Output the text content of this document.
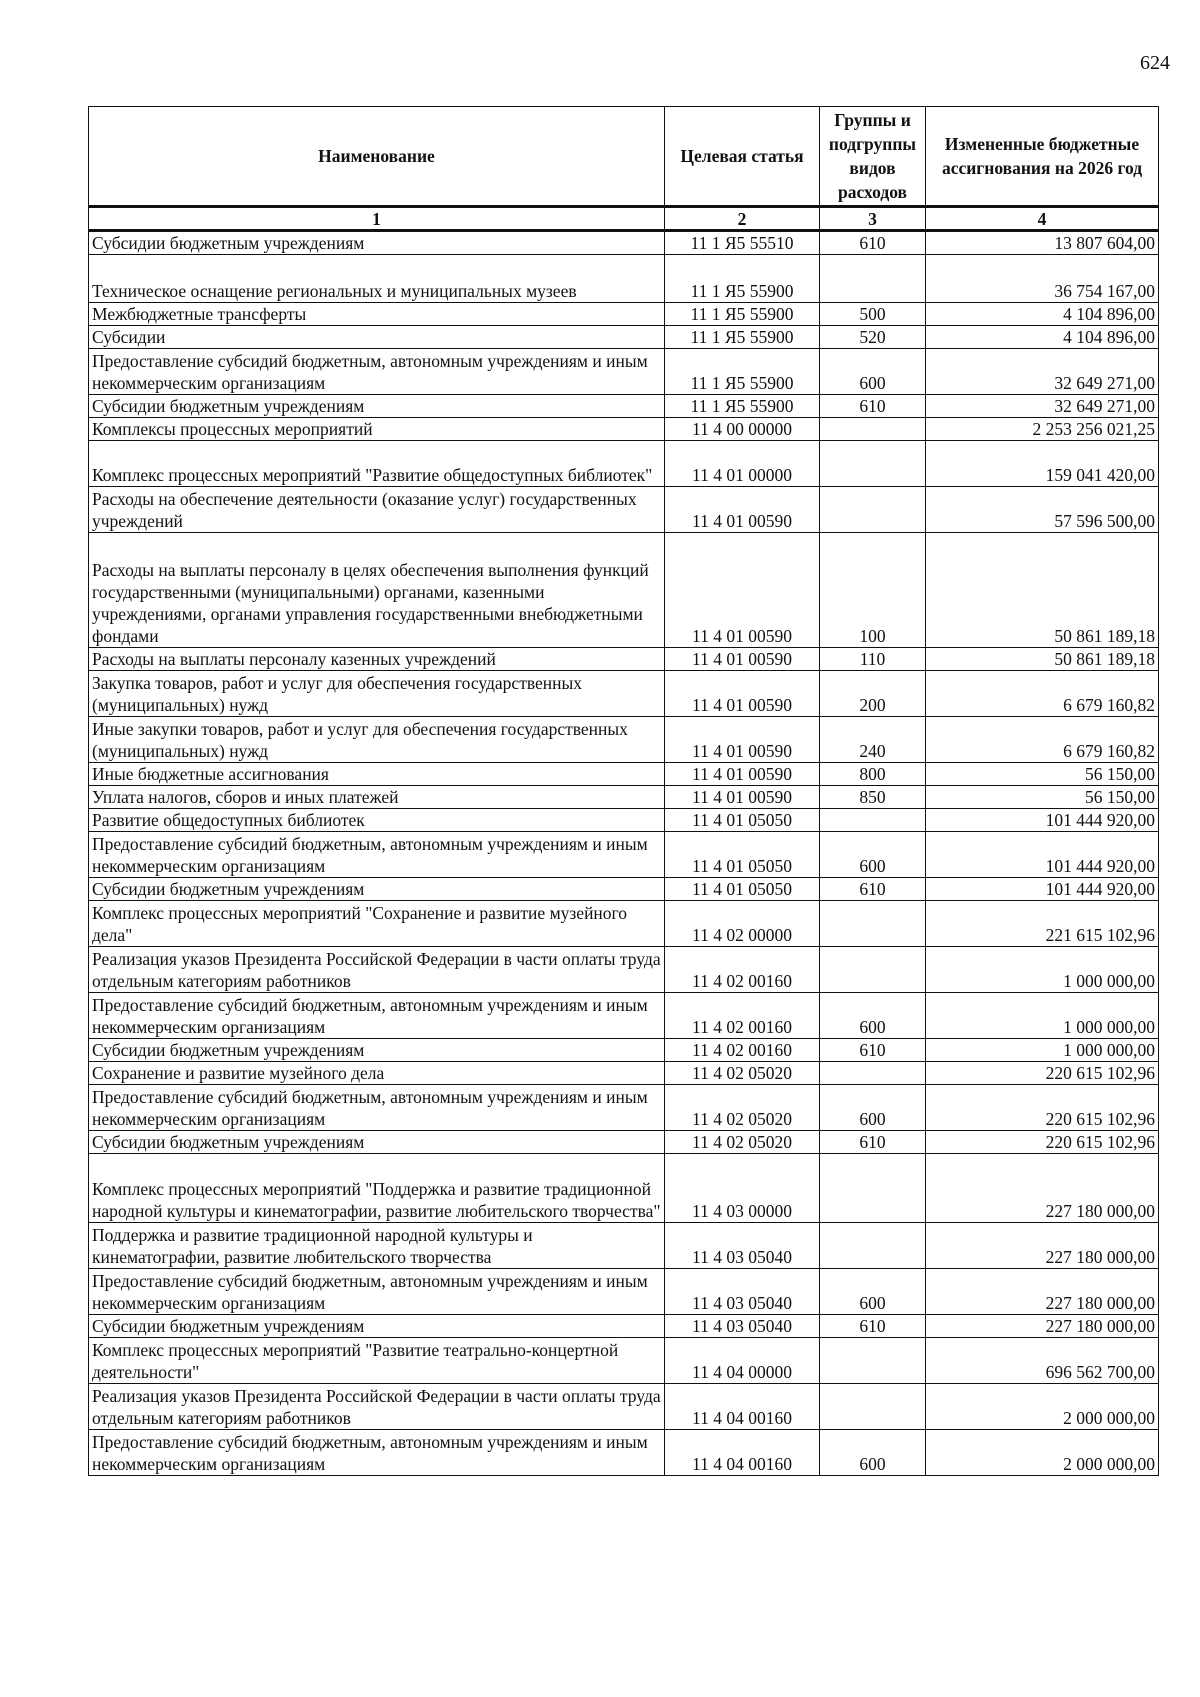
624
Наименование	Целевая статья	Группы и подгруппы видов расходов	Измененные бюджетные ассигнования на 2026 год
1	2	3	4
Субсидии бюджетным учреждениям	11 1 Я5 55510	610	13 807 604,00
Техническое оснащение региональных и муниципальных музеев	11 1 Я5 55900		36 754 167,00
Межбюджетные трансферты	11 1 Я5 55900	500	4 104 896,00
Субсидии	11 1 Я5 55900	520	4 104 896,00
Предоставление субсидий бюджетным, автономным учреждениям и иным некоммерческим организациям	11 1 Я5 55900	600	32 649 271,00
Субсидии бюджетным учреждениям	11 1 Я5 55900	610	32 649 271,00
Комплексы процессных мероприятий	11 4 00 00000		2 253 256 021,25
Комплекс процессных мероприятий "Развитие общедоступных библиотек"	11 4 01 00000		159 041 420,00
Расходы на обеспечение деятельности (оказание услуг) государственных учреждений	11 4 01 00590		57 596 500,00
Расходы на выплаты персоналу в целях обеспечения выполнения функций государственными (муниципальными) органами, казенными учреждениями, органами управления государственными внебюджетными фондами	11 4 01 00590	100	50 861 189,18
Расходы на выплаты персоналу казенных учреждений	11 4 01 00590	110	50 861 189,18
Закупка товаров, работ и услуг для обеспечения государственных (муниципальных) нужд	11 4 01 00590	200	6 679 160,82
Иные закупки товаров, работ и услуг для обеспечения государственных (муниципальных) нужд	11 4 01 00590	240	6 679 160,82
Иные бюджетные ассигнования	11 4 01 00590	800	56 150,00
Уплата налогов, сборов и иных платежей	11 4 01 00590	850	56 150,00
Развитие общедоступных библиотек	11 4 01 05050		101 444 920,00
Предоставление субсидий бюджетным, автономным учреждениям и иным некоммерческим организациям	11 4 01 05050	600	101 444 920,00
Субсидии бюджетным учреждениям	11 4 01 05050	610	101 444 920,00
Комплекс процессных мероприятий "Сохранение и развитие музейного дела"	11 4 02 00000		221 615 102,96
Реализация указов Президента Российской Федерации в части оплаты труда отдельным категориям работников	11 4 02 00160		1 000 000,00
Предоставление субсидий бюджетным, автономным учреждениям и иным некоммерческим организациям	11 4 02 00160	600	1 000 000,00
Субсидии бюджетным учреждениям	11 4 02 00160	610	1 000 000,00
Сохранение и развитие музейного дела	11 4 02 05020		220 615 102,96
Предоставление субсидий бюджетным, автономным учреждениям и иным некоммерческим организациям	11 4 02 05020	600	220 615 102,96
Субсидии бюджетным учреждениям	11 4 02 05020	610	220 615 102,96
Комплекс процессных мероприятий "Поддержка и развитие традиционной народной культуры и кинематографии, развитие любительского творчества"	11 4 03 00000		227 180 000,00
Поддержка и развитие традиционной народной культуры и кинематографии, развитие любительского творчества	11 4 03 05040		227 180 000,00
Предоставление субсидий бюджетным, автономным учреждениям и иным некоммерческим организациям	11 4 03 05040	600	227 180 000,00
Субсидии бюджетным учреждениям	11 4 03 05040	610	227 180 000,00
Комплекс процессных мероприятий "Развитие театрально-концертной деятельности"	11 4 04 00000		696 562 700,00
Реализация указов Президента Российской Федерации в части оплаты труда отдельным категориям работников	11 4 04 00160		2 000 000,00
Предоставление субсидий бюджетным, автономным учреждениям и иным некоммерческим организациям	11 4 04 00160	600	2 000 000,00
